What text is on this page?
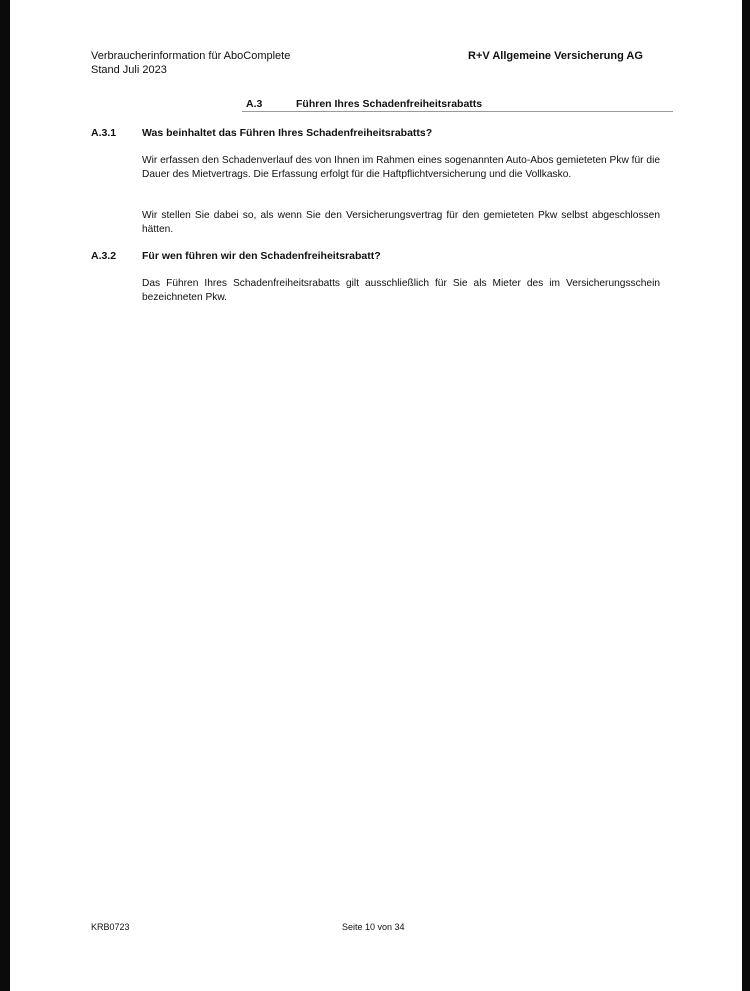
Verbraucherinformation für AboComplete
Stand Juli 2023
R+V Allgemeine Versicherung AG
A.3	Führen Ihres Schadenfreiheitsrabatts
A.3.1 Was beinhaltet das Führen Ihres Schadenfreiheitsrabatts?
Wir erfassen den Schadenverlauf des von Ihnen im Rahmen eines sogenannten Auto-Abos gemieteten Pkw für die Dauer des Mietvertrags. Die Erfassung erfolgt für die Haftpflichtversicherung und die Vollkasko.
Wir stellen Sie dabei so, als wenn Sie den Versicherungsvertrag für den gemieteten Pkw selbst abgeschlossen hätten.
A.3.2 Für wen führen wir den Schadenfreiheitsrabatt?
Das Führen Ihres Schadenfreiheitsrabatts gilt ausschließlich für Sie als Mieter des im Versicherungsschein bezeichneten Pkw.
KRB0723	Seite 10 von 34
